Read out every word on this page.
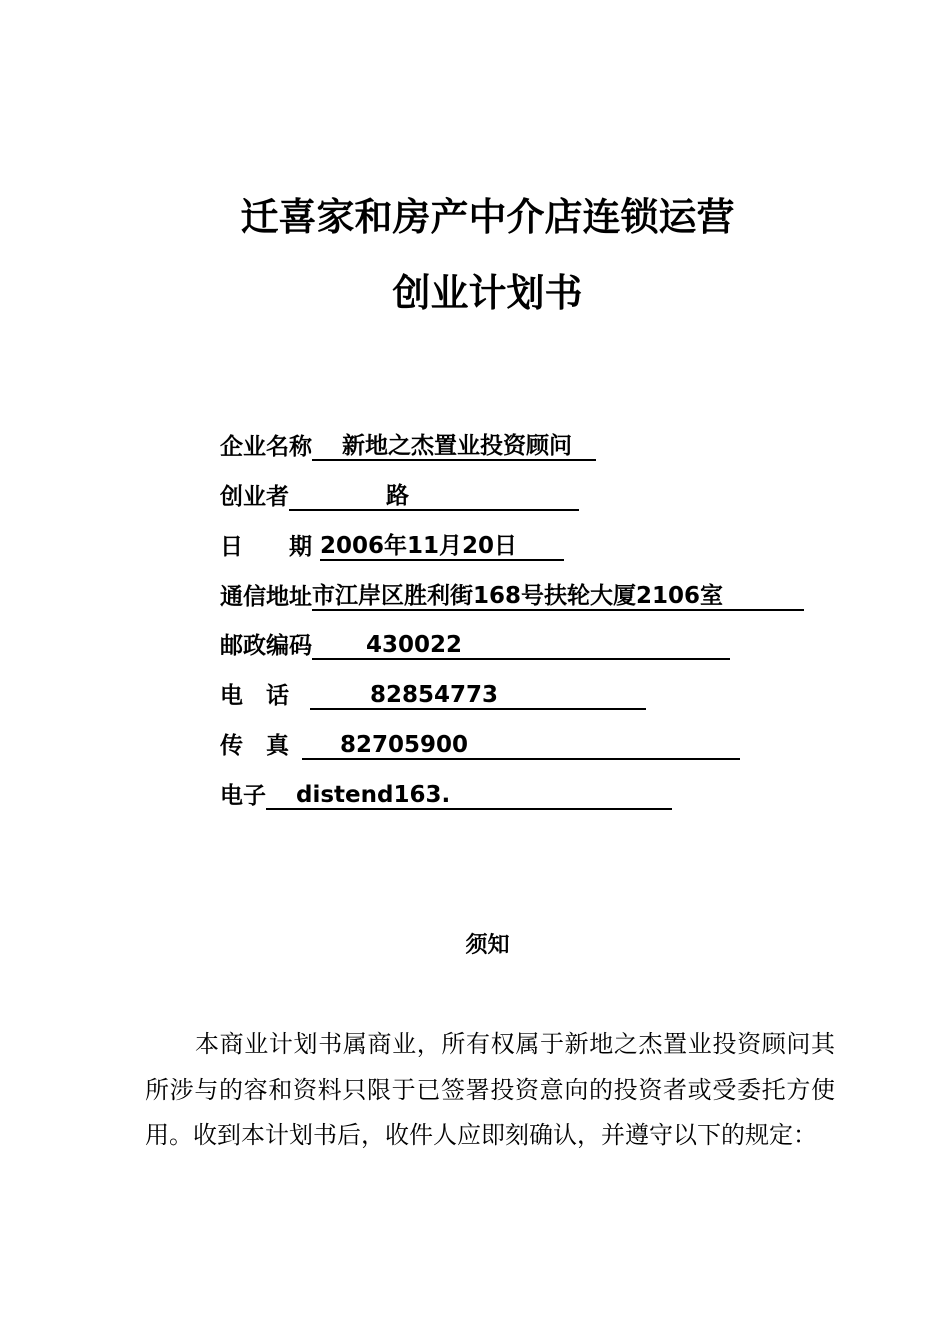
迁喜家和房产中介店连锁运营
创业计划书
企业名称 新地之杰置业投资顾问
创业者	路
日　　期 2006年11月20日
通信地址市江岸区胜利街168号扶轮大厦2106室
邮政编码 430022
电　话	82854773
传　真 82705900
电子 distend163.
须知
本商业计划书属商业，所有权属于新地之杰置业投资顾问其所涉与的容和资料只限于已签署投资意向的投资者或受委托方使用。收到本计划书后，收件人应即刻确认，并遵守以下的规定：
